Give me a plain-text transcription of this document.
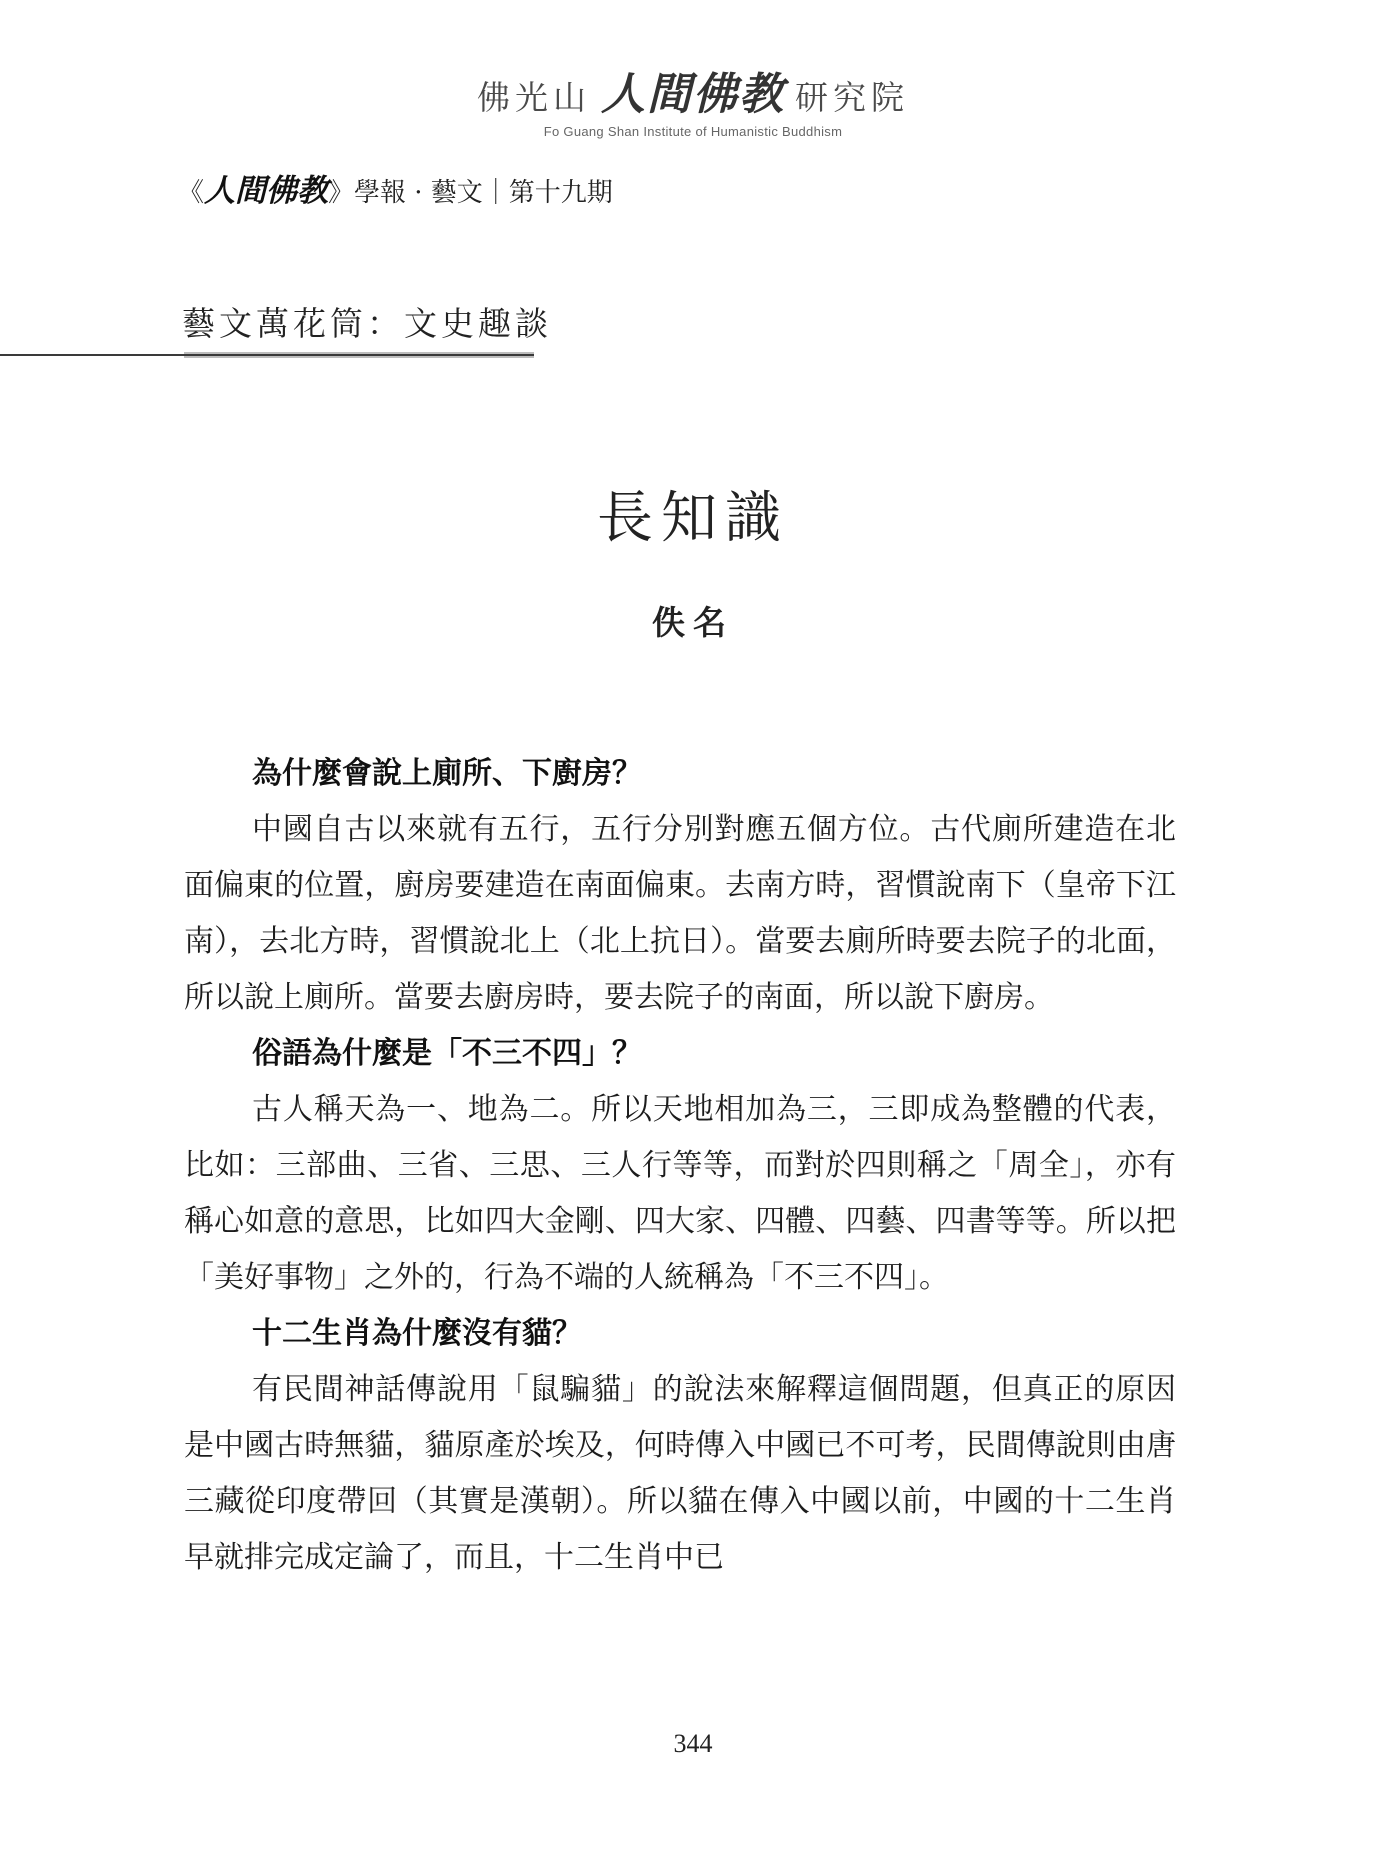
佛光山 人間佛教 研究院
Fo Guang Shan Institute of Humanistic Buddhism
《 人間佛教 》學報 · 藝文｜第十九期
藝文萬花筒：文史趣談
長知識
佚名
為什麼會說上廁所、下廚房？

中國自古以來就有五行，五行分別對應五個方位。古代廁所建造在北面偏東的位置，廚房要建造在南面偏東。去南方時，習慣說南下（皇帝下江南），去北方時，習慣說北上（北上抗日）。當要去廁所時要去院子的北面，所以說上廁所。當要去廚房時，要去院子的南面，所以說下廚房。

俗語為什麼是「不三不四」？

古人稱天為一、地為二。所以天地相加為三，三即成為整體的代表，比如：三部曲、三省、三思、三人行等等，而對於四則稱之「周全」，亦有稱心如意的意思，比如四大金剛、四大家、四體、四藝、四書等等。所以把「美好事物」之外的，行為不端的人統稱為「不三不四」。

十二生肖為什麼沒有貓？

有民間神話傳說用「鼠騙貓」的說法來解釋這個問題，但真正的原因是中國古時無貓，貓原產於埃及，何時傳入中國已不可考，民間傳說則由唐三藏從印度帶回（其實是漢朝）。所以貓在傳入中國以前，中國的十二生肖早就排完成定論了，而且，十二生肖中已

344
